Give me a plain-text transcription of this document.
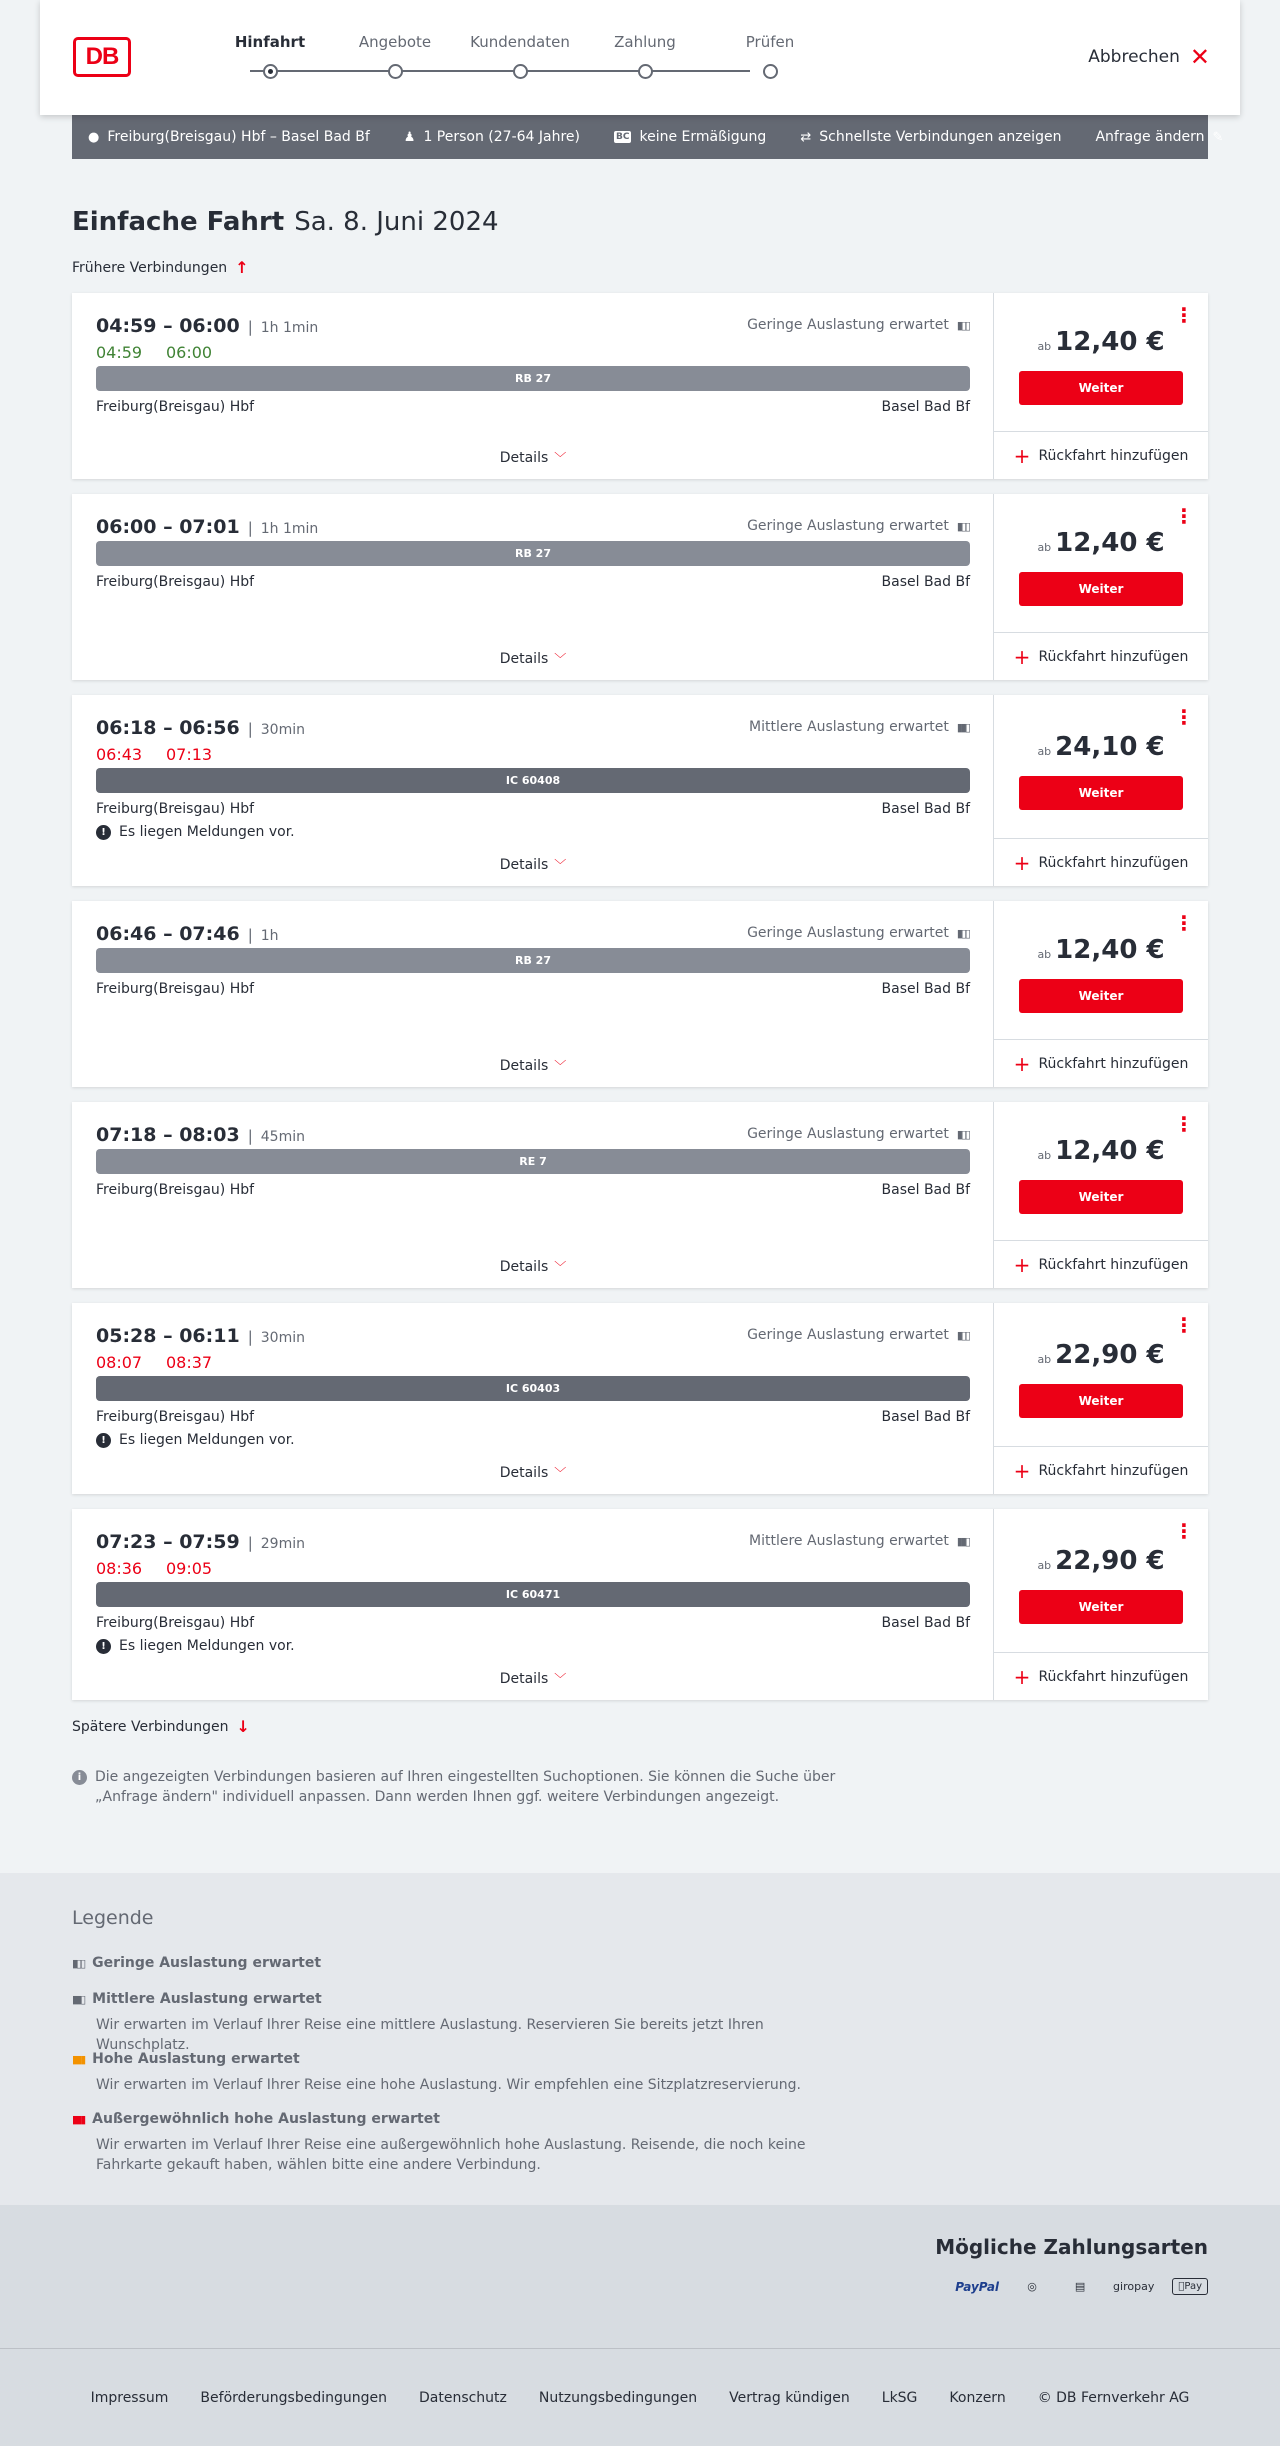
DB
Hinfahrt	Angebote	Kundendaten	Zahlung	Prüfen
Abbrechen ✕
● Freiburg(Breisgau) Hbf – Basel Bad Bf	♟ 1 Person (27-64 Jahre)	BC keine Ermäßigung	⇄ Schnellste Verbindungen anzeigen Anfrage ändern ✎
Einfache Fahrt Sa. 8. Juni 2024
Frühere Verbindungen ↑
04:59 – 06:00 | 1h 1min	Geringe Auslastung erwartet ▮▯▯
04:59 06:00
RB 27
Freiburg(Breisgau) Hbf	Basel Bad Bf
Details ﹀
⋮
ab 12,40 €
Weiter
+ Rückfahrt hinzufügen
06:00 – 07:01 | 1h 1min	Geringe Auslastung erwartet ▮▯▯
RB 27
Freiburg(Breisgau) Hbf	Basel Bad Bf
Details ﹀
⋮
ab 12,40 €
Weiter
+ Rückfahrt hinzufügen
06:18 – 06:56 | 30min	Mittlere Auslastung erwartet ▮▮▯
06:43 07:13
IC 60408
Freiburg(Breisgau) Hbf	Basel Bad Bf
! Es liegen Meldungen vor.
Details ﹀
⋮
ab 24,10 €
Weiter
+ Rückfahrt hinzufügen
06:46 – 07:46 | 1h	Geringe Auslastung erwartet ▮▯▯
RB 27
Freiburg(Breisgau) Hbf	Basel Bad Bf
Details ﹀
⋮
ab 12,40 €
Weiter
+ Rückfahrt hinzufügen
07:18 – 08:03 | 45min	Geringe Auslastung erwartet ▮▯▯
RE 7
Freiburg(Breisgau) Hbf	Basel Bad Bf
Details ﹀
⋮
ab 12,40 €
Weiter
+ Rückfahrt hinzufügen
05:28 – 06:11 | 30min	Geringe Auslastung erwartet ▮▯▯
08:07 08:37
IC 60403
Freiburg(Breisgau) Hbf	Basel Bad Bf
! Es liegen Meldungen vor.
Details ﹀
⋮
ab 22,90 €
Weiter
+ Rückfahrt hinzufügen
07:23 – 07:59 | 29min	Mittlere Auslastung erwartet ▮▮▯
08:36 09:05
IC 60471
Freiburg(Breisgau) Hbf	Basel Bad Bf
! Es liegen Meldungen vor.
Details ﹀
⋮
ab 22,90 €
Weiter
+ Rückfahrt hinzufügen
Spätere Verbindungen ↓
i Die angezeigten Verbindungen basieren auf Ihren eingestellten Suchoptionen. Sie können die Suche über „Anfrage ändern" individuell anpassen. Dann werden Ihnen ggf. weitere Verbindungen angezeigt.
Legende
▮▯▯ Geringe Auslastung erwartet
▮▮▯ Mittlere Auslastung erwartet
Wir erwarten im Verlauf Ihrer Reise eine mittlere Auslastung. Reservieren Sie bereits jetzt Ihren Wunschplatz.
▮▮▮ Hohe Auslastung erwartet
Wir erwarten im Verlauf Ihrer Reise eine hohe Auslastung. Wir empfehlen eine Sitzplatzreservierung.
▮▮▮ Außergewöhnlich hohe Auslastung erwartet
Wir erwarten im Verlauf Ihrer Reise eine außergewöhnlich hohe Auslastung. Reisende, die noch keine Fahrkarte gekauft haben, wählen bitte eine andere Verbindung.
Mögliche Zahlungsarten
PayPal	◎	▤	giropay	Pay
Impressum Beförderungsbedingungen Datenschutz Nutzungsbedingungen Vertrag kündigen LkSG Konzern © DB Fernverkehr AG
